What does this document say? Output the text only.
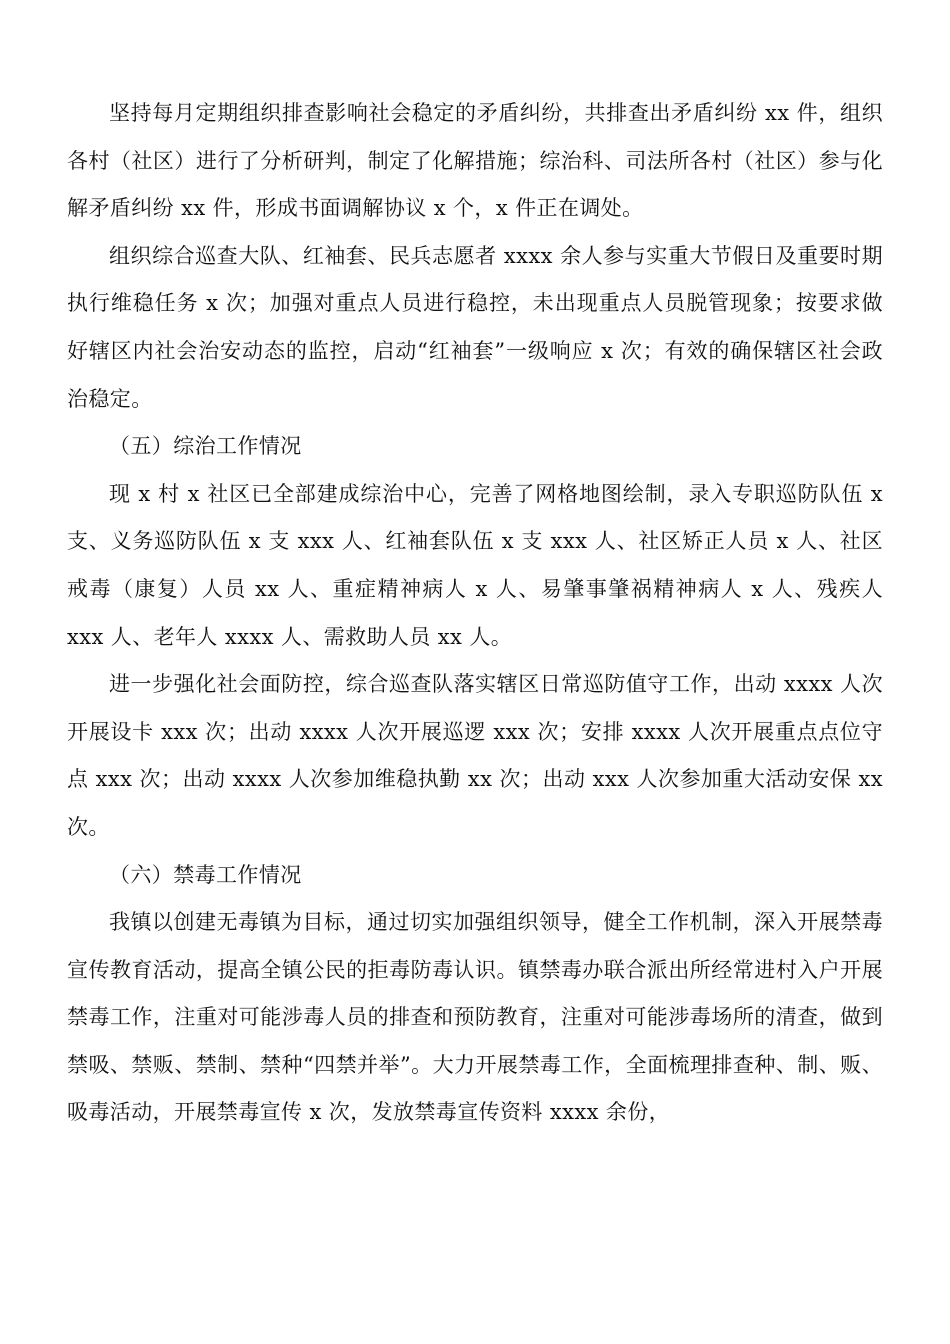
坚持每月定期组织排查影响社会稳定的矛盾纠纷，共排查出矛盾纠纷 xx 件，组织各村（社区）进行了分析研判，制定了化解措施；综治科、司法所各村（社区）参与化解矛盾纠纷 xx 件，形成书面调解协议 x 个，x 件正在调处。

组织综合巡查大队、红袖套、民兵志愿者 xxxx 余人参与实重大节假日及重要时期执行维稳任务 x 次；加强对重点人员进行稳控，未出现重点人员脱管现象；按要求做好辖区内社会治安动态的监控，启动“红袖套”一级响应 x 次；有效的确保辖区社会政治稳定。

（五）综治工作情况

现 x 村 x 社区已全部建成综治中心，完善了网格地图绘制，录入专职巡防队伍 x 支、义务巡防队伍 x 支 xxx 人、红袖套队伍 x 支 xxx 人、社区矫正人员 x 人、社区戒毒（康复）人员 xx 人、重症精神病人 x 人、易肇事肇祸精神病人 x 人、残疾人 xxx 人、老年人 xxxx 人、需救助人员 xx 人。

进一步强化社会面防控，综合巡查队落实辖区日常巡防值守工作，出动 xxxx 人次开展设卡 xxx 次；出动 xxxx 人次开展巡逻 xxx 次；安排 xxxx 人次开展重点点位守点 xxx 次；出动 xxxx 人次参加维稳执勤 xx 次；出动 xxx 人次参加重大活动安保 xx 次。

（六）禁毒工作情况

我镇以创建无毒镇为目标，通过切实加强组织领导，健全工作机制，深入开展禁毒宣传教育活动，提高全镇公民的拒毒防毒认识。镇禁毒办联合派出所经常进村入户开展禁毒工作，注重对可能涉毒人员的排查和预防教育，注重对可能涉毒场所的清查，做到禁吸、禁贩、禁制、禁种“四禁并举”。大力开展禁毒工作，全面梳理排查种、制、贩、吸毒活动，开展禁毒宣传 x 次，发放禁毒宣传资料 xxxx 余份，
